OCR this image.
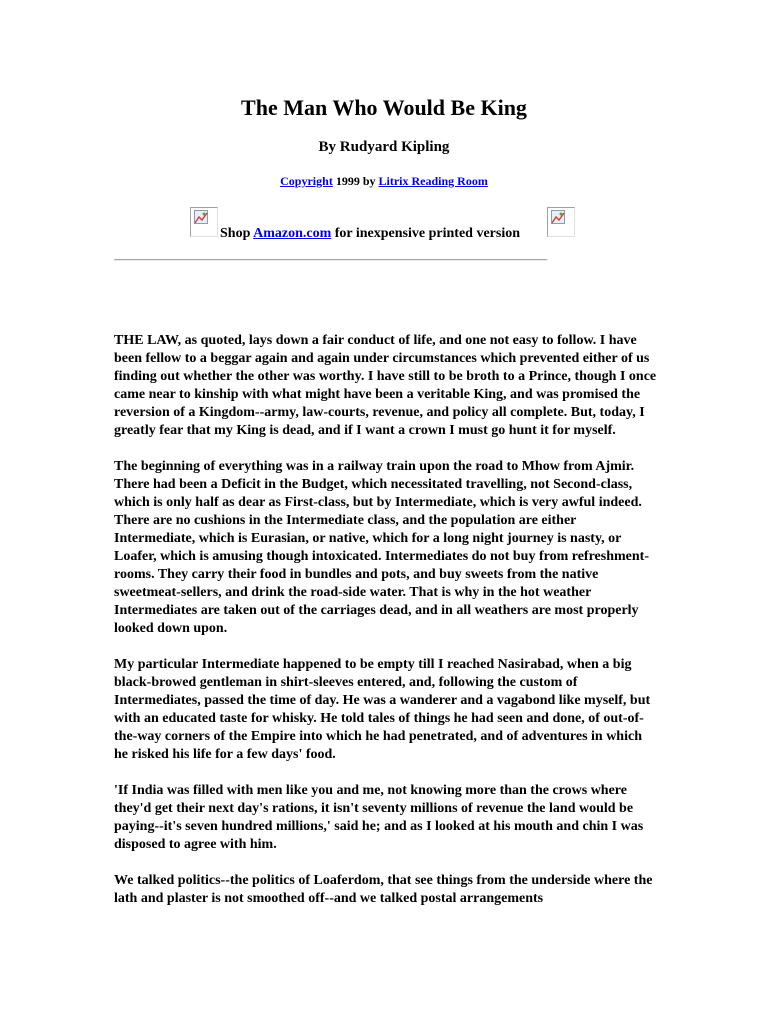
The Man Who Would Be King
By Rudyard Kipling
Copyright 1999 by Litrix Reading Room
Shop Amazon.com for inexpensive printed version

THE LAW, as quoted, lays down a fair conduct of life, and one not easy to follow. I have been fellow to a beggar again and again under circumstances which prevented either of us finding out whether the other was worthy. I have still to be broth to a Prince, though I once came near to kinship with what might have been a veritable King, and was promised the reversion of a Kingdom--army, law-courts, revenue, and policy all complete. But, today, I greatly fear that my King is dead, and if I want a crown I must go hunt it for myself.

The beginning of everything was in a railway train upon the road to Mhow from Ajmir. There had been a Deficit in the Budget, which necessitated travelling, not Second-class, which is only half as dear as First-class, but by Intermediate, which is very awful indeed. There are no cushions in the Intermediate class, and the population are either Intermediate, which is Eurasian, or native, which for a long night journey is nasty, or Loafer, which is amusing though intoxicated. Intermediates do not buy from refreshment-rooms. They carry their food in bundles and pots, and buy sweets from the native sweetmeat-sellers, and drink the road-side water. That is why in the hot weather Intermediates are taken out of the carriages dead, and in all weathers are most properly looked down upon.

My particular Intermediate happened to be empty till I reached Nasirabad, when a big black-browed gentleman in shirt-sleeves entered, and, following the custom of Intermediates, passed the time of day. He was a wanderer and a vagabond like myself, but with an educated taste for whisky. He told tales of things he had seen and done, of out-of-the-way corners of the Empire into which he had penetrated, and of adventures in which he risked his life for a few days' food.

'If India was filled with men like you and me, not knowing more than the crows where they'd get their next day's rations, it isn't seventy millions of revenue the land would be paying--it's seven hundred millions,' said he; and as I looked at his mouth and chin I was disposed to agree with him.

We talked politics--the politics of Loaferdom, that see things from the underside where the lath and plaster is not smoothed off--and we talked postal arrangements
